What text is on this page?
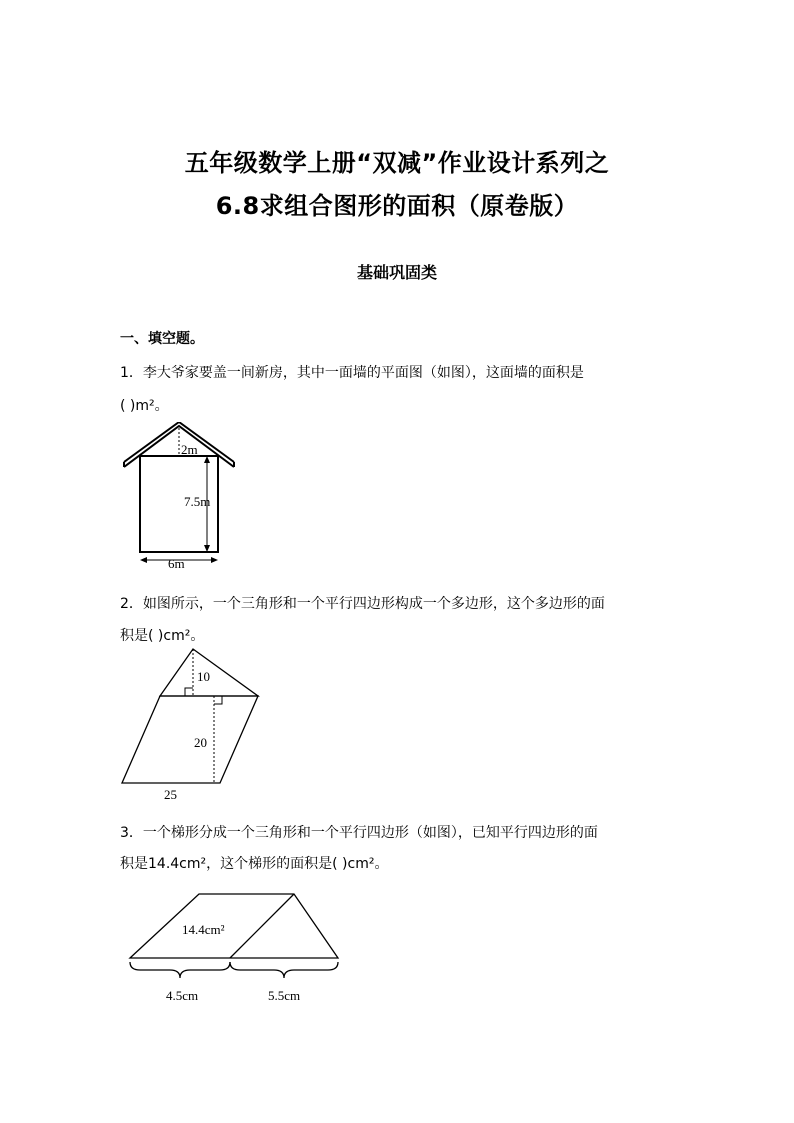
五年级数学上册“双减”作业设计系列之
6.8求组合图形的面积（原卷版）
基础巩固类
一、填空题。
1．李大爷家要盖一间新房，其中一面墙的平面图（如图），这面墙的面积是
( )m²。
2m
7.5m
6m
2．如图所示，一个三角形和一个平行四边形构成一个多边形，这个多边形的面
积是( )cm²。
10
20
25
3．一个梯形分成一个三角形和一个平行四边形（如图），已知平行四边形的面
积是14.4cm²，这个梯形的面积是( )cm²。
14.4cm²
4.5cm	5.5cm
